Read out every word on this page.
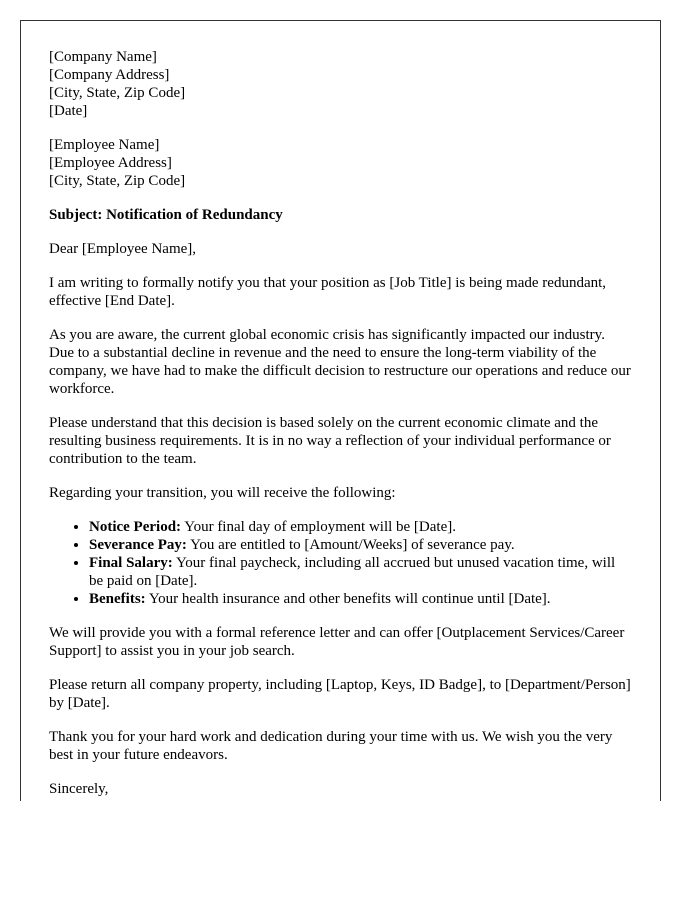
[Company Name]
[Company Address]
[City, State, Zip Code]
[Date]

[Employee Name]
[Employee Address]
[City, State, Zip Code]

Subject: Notification of Redundancy

Dear [Employee Name],

I am writing to formally notify you that your position as [Job Title] is being made redundant, effective [End Date].

As you are aware, the current global economic crisis has significantly impacted our industry. Due to a substantial decline in revenue and the need to ensure the long-term viability of the company, we have had to make the difficult decision to restructure our operations and reduce our workforce.

Please understand that this decision is based solely on the current economic climate and the resulting business requirements. It is in no way a reflection of your individual performance or contribution to the team.

Regarding your transition, you will receive the following:

• Notice Period: Your final day of employment will be [Date].
• Severance Pay: You are entitled to [Amount/Weeks] of severance pay.
• Final Salary: Your final paycheck, including all accrued but unused vacation time, will be paid on [Date].
• Benefits: Your health insurance and other benefits will continue until [Date].

We will provide you with a formal reference letter and can offer [Outplacement Services/Career Support] to assist you in your job search.

Please return all company property, including [Laptop, Keys, ID Badge], to [Department/Person] by [Date].

Thank you for your hard work and dedication during your time with us. We wish you the very best in your future endeavors.

Sincerely,
